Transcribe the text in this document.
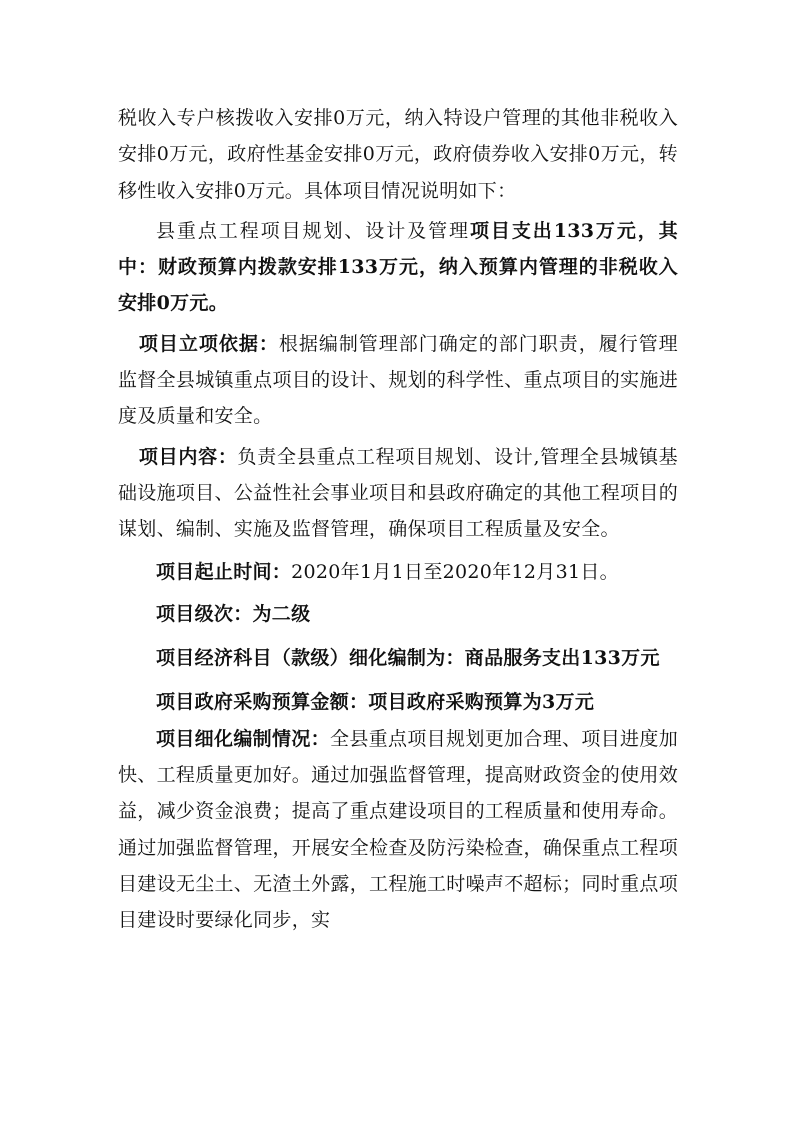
税收入专户核拨收入安排0万元，纳入特设户管理的其他非税收入安排0万元，政府性基金安排0万元，政府债券收入安排0万元，转移性收入安排0万元。具体项目情况说明如下：

县重点工程项目规划、设计及管理项目支出133万元，其中：财政预算内拨款安排133万元，纳入预算内管理的非税收入安排0万元。

项目立项依据：根据编制管理部门确定的部门职责，履行管理监督全县城镇重点项目的设计、规划的科学性、重点项目的实施进度及质量和安全。

项目内容：负责全县重点工程项目规划、设计,管理全县城镇基础设施项目、公益性社会事业项目和县政府确定的其他工程项目的谋划、编制、实施及监督管理，确保项目工程质量及安全。

项目起止时间：2020年1月1日至2020年12月31日。

项目级次：为二级

项目经济科目（款级）细化编制为：商品服务支出133万元

项目政府采购预算金额：项目政府采购预算为3万元

项目细化编制情况：全县重点项目规划更加合理、项目进度加快、工程质量更加好。通过加强监督管理，提高财政资金的使用效益，减少资金浪费；提高了重点建设项目的工程质量和使用寿命。通过加强监督管理，开展安全检查及防污染检查，确保重点工程项目建设无尘土、无渣土外露，工程施工时噪声不超标；同时重点项目建设时要绿化同步，实
